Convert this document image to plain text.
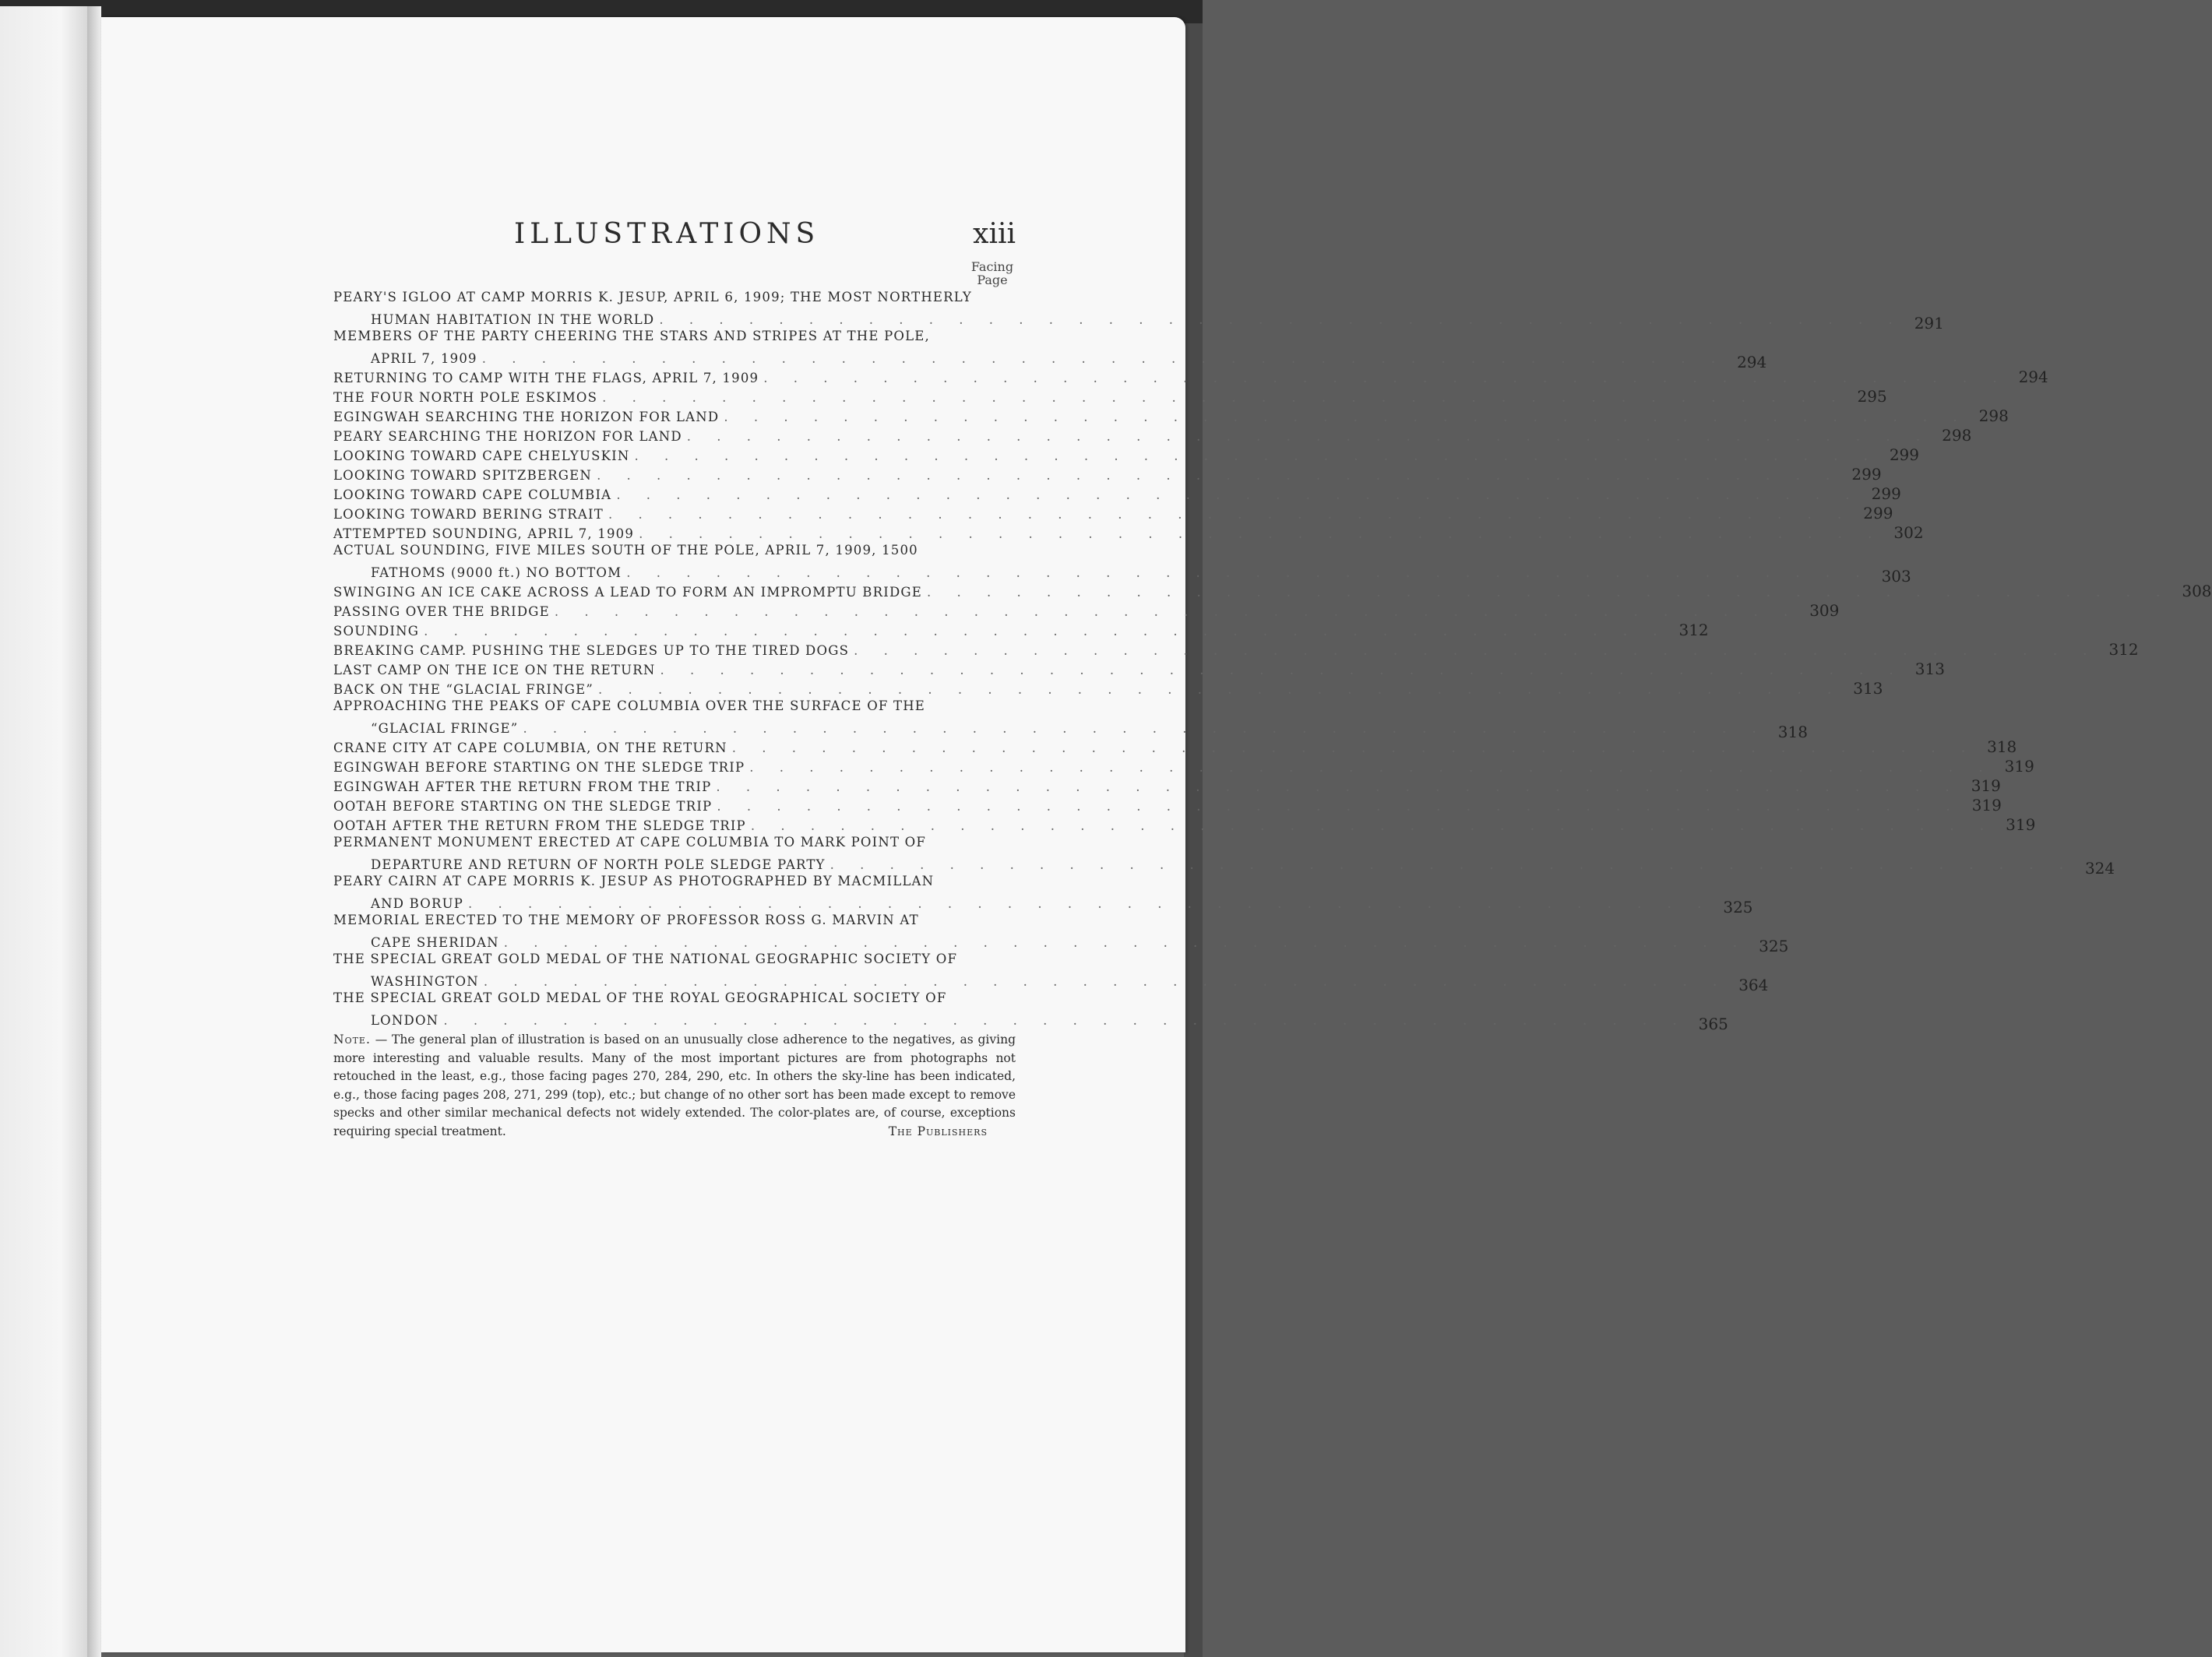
ILLUSTRATIONS	xiii
Facing
Page
PEARY'S IGLOO AT CAMP MORRIS K. JESUP, APRIL 6, 1909; THE MOST NORTHERLY
HUMAN HABITATION IN THE WORLD . . . . . . . . . . . . . . . . . . . . . . . . . . . . . . . . . . . . . . . . . . 291
MEMBERS OF THE PARTY CHEERING THE STARS AND STRIPES AT THE POLE,
APRIL 7, 1909 . . . . . . . . . . . . . . . . . . . . . . . . . . . . . . . . . . . . . . . . . . 294
RETURNING TO CAMP WITH THE FLAGS, APRIL 7, 1909 . . . . . . . . . . . . . . . . . . . . . . . . . . . . . . . . . . . . . . . . . . 294
THE FOUR NORTH POLE ESKIMOS . . . . . . . . . . . . . . . . . . . . . . . . . . . . . . . . . . . . . . . . . . 295
EGINGWAH SEARCHING THE HORIZON FOR LAND . . . . . . . . . . . . . . . . . . . . . . . . . . . . . . . . . . . . . . . . . . 298
PEARY SEARCHING THE HORIZON FOR LAND . . . . . . . . . . . . . . . . . . . . . . . . . . . . . . . . . . . . . . . . . . 298
LOOKING TOWARD CAPE CHELYUSKIN . . . . . . . . . . . . . . . . . . . . . . . . . . . . . . . . . . . . . . . . . . 299
LOOKING TOWARD SPITZBERGEN . . . . . . . . . . . . . . . . . . . . . . . . . . . . . . . . . . . . . . . . . . 299
LOOKING TOWARD CAPE COLUMBIA . . . . . . . . . . . . . . . . . . . . . . . . . . . . . . . . . . . . . . . . . . 299
LOOKING TOWARD BERING STRAIT . . . . . . . . . . . . . . . . . . . . . . . . . . . . . . . . . . . . . . . . . . 299
ATTEMPTED SOUNDING, APRIL 7, 1909 . . . . . . . . . . . . . . . . . . . . . . . . . . . . . . . . . . . . . . . . . . 302
ACTUAL SOUNDING, FIVE MILES SOUTH OF THE POLE, APRIL 7, 1909, 1500
FATHOMS (9000 ft.) NO BOTTOM . . . . . . . . . . . . . . . . . . . . . . . . . . . . . . . . . . . . . . . . . . 303
SWINGING AN ICE CAKE ACROSS A LEAD TO FORM AN IMPROMPTU BRIDGE . . . . . . . . . . . . . . . . . . . . . . . . . . . . . . . . . . . . . . . . . . 308
PASSING OVER THE BRIDGE . . . . . . . . . . . . . . . . . . . . . . . . . . . . . . . . . . . . . . . . . . 309
SOUNDING . . . . . . . . . . . . . . . . . . . . . . . . . . . . . . . . . . . . . . . . . . 312
BREAKING CAMP. PUSHING THE SLEDGES UP TO THE TIRED DOGS . . . . . . . . . . . . . . . . . . . . . . . . . . . . . . . . . . . . . . . . . . 312
LAST CAMP ON THE ICE ON THE RETURN . . . . . . . . . . . . . . . . . . . . . . . . . . . . . . . . . . . . . . . . . . 313
BACK ON THE “GLACIAL FRINGE” . . . . . . . . . . . . . . . . . . . . . . . . . . . . . . . . . . . . . . . . . . 313
APPROACHING THE PEAKS OF CAPE COLUMBIA OVER THE SURFACE OF THE
“GLACIAL FRINGE” . . . . . . . . . . . . . . . . . . . . . . . . . . . . . . . . . . . . . . . . . . 318
CRANE CITY AT CAPE COLUMBIA, ON THE RETURN . . . . . . . . . . . . . . . . . . . . . . . . . . . . . . . . . . . . . . . . . . 318
EGINGWAH BEFORE STARTING ON THE SLEDGE TRIP . . . . . . . . . . . . . . . . . . . . . . . . . . . . . . . . . . . . . . . . . . 319
EGINGWAH AFTER THE RETURN FROM THE TRIP . . . . . . . . . . . . . . . . . . . . . . . . . . . . . . . . . . . . . . . . . . 319
OOTAH BEFORE STARTING ON THE SLEDGE TRIP . . . . . . . . . . . . . . . . . . . . . . . . . . . . . . . . . . . . . . . . . . 319
OOTAH AFTER THE RETURN FROM THE SLEDGE TRIP . . . . . . . . . . . . . . . . . . . . . . . . . . . . . . . . . . . . . . . . . . 319
PERMANENT MONUMENT ERECTED AT CAPE COLUMBIA TO MARK POINT OF
DEPARTURE AND RETURN OF NORTH POLE SLEDGE PARTY . . . . . . . . . . . . . . . . . . . . . . . . . . . . . . . . . . . . . . . . . . 324
PEARY CAIRN AT CAPE MORRIS K. JESUP AS PHOTOGRAPHED BY MACMILLAN
AND BORUP . . . . . . . . . . . . . . . . . . . . . . . . . . . . . . . . . . . . . . . . . . 325
MEMORIAL ERECTED TO THE MEMORY OF PROFESSOR ROSS G. MARVIN AT
CAPE SHERIDAN . . . . . . . . . . . . . . . . . . . . . . . . . . . . . . . . . . . . . . . . . . 325
THE SPECIAL GREAT GOLD MEDAL OF THE NATIONAL GEOGRAPHIC SOCIETY OF
WASHINGTON . . . . . . . . . . . . . . . . . . . . . . . . . . . . . . . . . . . . . . . . . . 364
THE SPECIAL GREAT GOLD MEDAL OF THE ROYAL GEOGRAPHICAL SOCIETY OF
LONDON . . . . . . . . . . . . . . . . . . . . . . . . . . . . . . . . . . . . . . . . . . 365
Note. — The general plan of illustration is based on an unusually close adherence to the negatives, as giving more interesting and valuable results. Many of the most important pictures are from photographs not retouched in the least, e.g., those facing pages 270, 284, 290, etc. In others the sky-line has been indicated, e.g., those facing pages 208, 271, 299 (top), etc.; but change of no other sort has been made except to remove specks and other similar mechanical defects not widely extended. The color-plates are, of course, exceptions requiring special treatment.	The Publishers
